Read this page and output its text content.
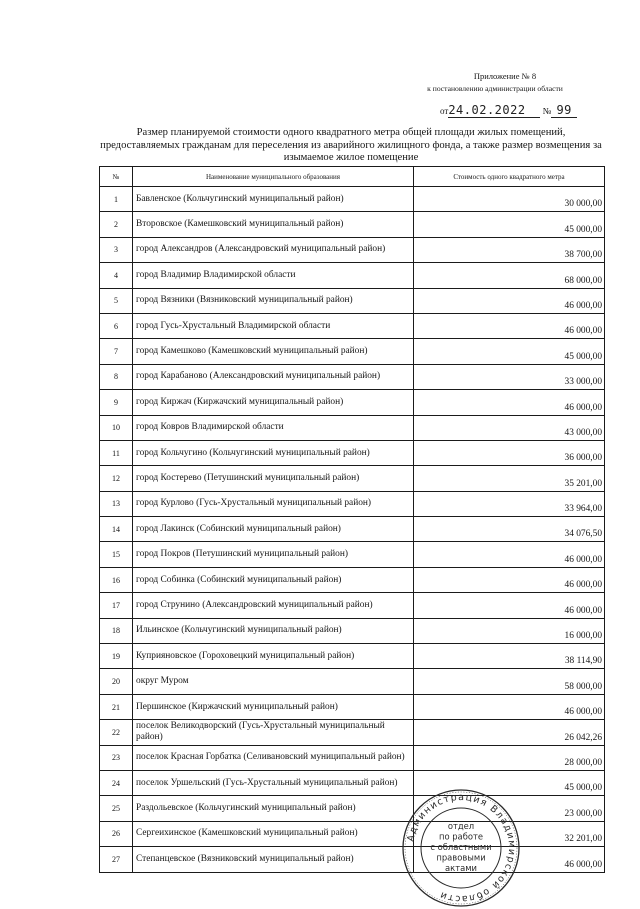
Приложение № 8
к постановлению администрации области
от24.02.2022 № 99
Размер планируемой стоимости одного квадратного метра общей площади жилых помещений, предоставляемых гражданам для переселения из аварийного жилищного фонда, а также размер возмещения за изымаемое жилое помещение
№	Наименование муниципального образования	Стоимость одного квадратного метра
1	Бавленское (Кольчугинский муниципальный район)	30 000,00
2	Второвское (Камешковский муниципальный район)	45 000,00
3	город Александров (Александровский муниципальный район)	38 700,00
4	город Владимир Владимирской области	68 000,00
5	город Вязники (Вязниковский муниципальный район)	46 000,00
6	город Гусь-Хрустальный Владимирской области	46 000,00
7	город Камешково (Камешковский муниципальный район)	45 000,00
8	город Карабаново (Александровский муниципальный район)	33 000,00
9	город Киржач (Киржачский муниципальный район)	46 000,00
10	город Ковров Владимирской области	43 000,00
11	город Кольчугино (Кольчугинский муниципальный район)	36 000,00
12	город Костерево (Петушинский муниципальный район)	35 201,00
13	город Курлово (Гусь-Хрустальный муниципальный район)	33 964,00
14	город Лакинск (Собинский муниципальный район)	34 076,50
15	город Покров (Петушинский муниципальный район)	46 000,00
16	город Собинка (Собинский муниципальный район)	46 000,00
17	город Струнино (Александровский муниципальный район)	46 000,00
18	Ильинское (Кольчугинский муниципальный район)	16 000,00
19	Куприяновское (Гороховецкий муниципальный район)	38 114,90
20	округ Муром	58 000,00
21	Першинское (Киржачский муниципальный район)	46 000,00
22	поселок Великодворский (Гусь-Хрустальный муниципальный район)	26 042,26
23	поселок Красная Горбатка (Селивановский муниципальный район)	28 000,00
24	поселок Уршельский (Гусь-Хрустальный муниципальный район)	45 000,00
25	Раздольевское (Кольчугинский муниципальный район)	23 000,00
26	Сергеихинское (Камешковский муниципальный район)	32 201,00
27	Степанцевское (Вязниковский муниципальный район)	46 000,00
Администрация Владимирской области
отдел
по работе
с областными
правовыми
актами
